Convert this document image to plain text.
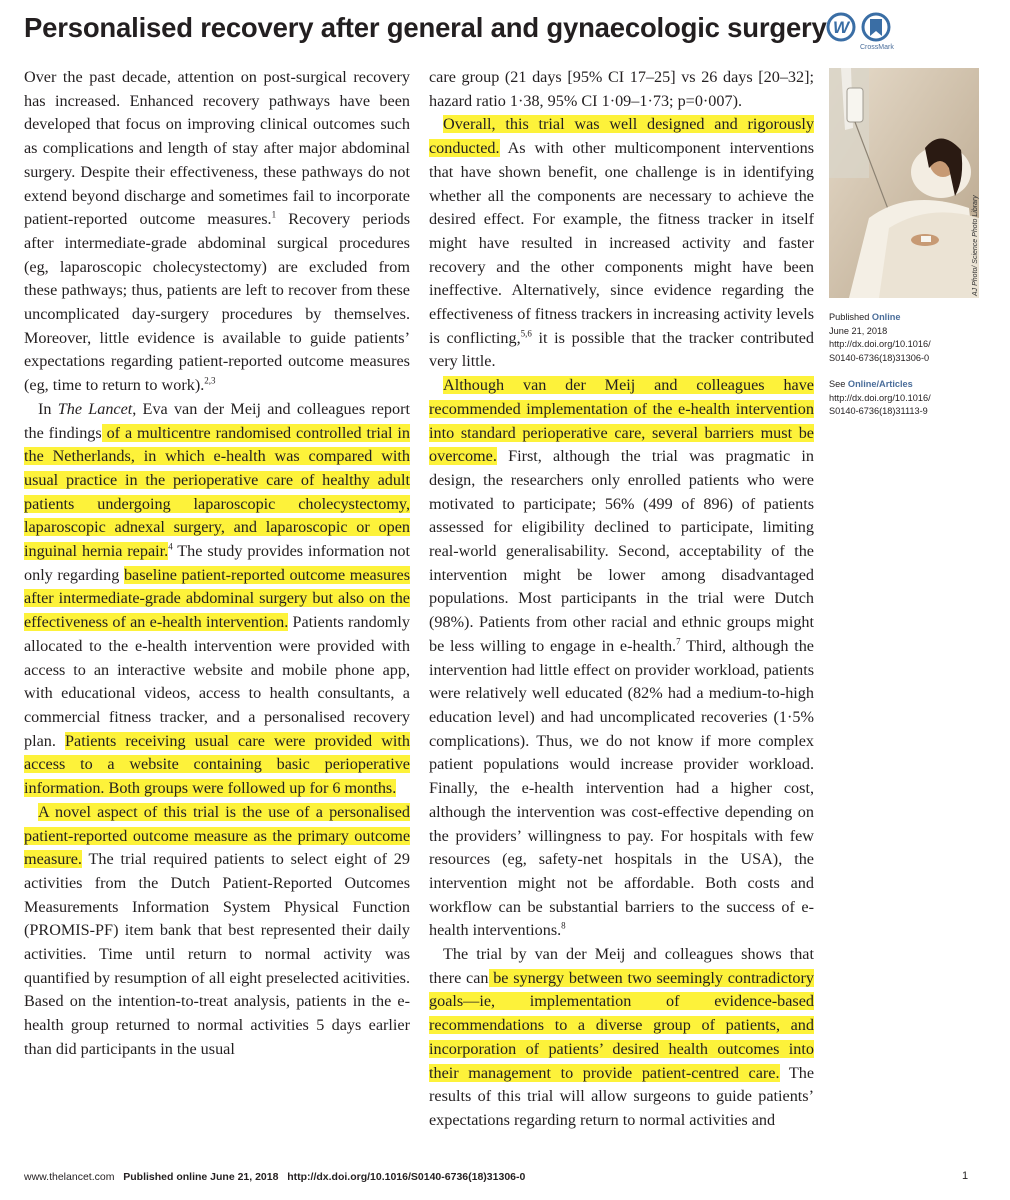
Personalised recovery after general and gynaecologic surgery W
CrossMark

Over the past decade, attention on post-surgical recovery has increased. Enhanced recovery pathways have been developed that focus on improving clinical outcomes such as complications and length of stay after major abdominal surgery. Despite their effectiveness, these pathways do not extend beyond discharge and sometimes fail to incorporate patient-reported outcome measures.$^1$ Recovery periods after intermediate-grade abdominal surgical procedures (eg, laparoscopic cholecystectomy) are excluded from these pathways; thus, patients are left to recover from these uncomplicated day-surgery procedures by themselves. Moreover, little evidence is available to guide patients’ expectations regarding patient-reported outcome measures (eg, time to return to work).$^{2,3}$

In The Lancet, Eva van der Meij and colleagues report the findings of a multicentre randomised controlled trial in the Netherlands, in which e-health was compared with usual practice in the perioperative care of healthy adult patients undergoing laparoscopic cholecystectomy, laparoscopic adnexal surgery, and laparoscopic or open inguinal hernia repair.$^4$ The study provides information not only regarding baseline patient-reported outcome measures after intermediate-grade abdominal surgery but also on the effectiveness of an e-health intervention. Patients randomly allocated to the e-health intervention were provided with access to an interactive website and mobile phone app, with educational videos, access to health consultants, a commercial fitness tracker, and a personalised recovery plan. Patients receiving usual care were provided with access to a website containing basic perioperative information. Both groups were followed up for 6 months.

A novel aspect of this trial is the use of a personalised patient-reported outcome measure as the primary outcome measure. The trial required patients to select eight of 29 activities from the Dutch Patient-Reported Outcomes Measurements Information System Physical Function (PROMIS-PF) item bank that best represented their daily activities. Time until return to normal activity was quantified by resumption of all eight preselected acitivities. Based on the intention-to-treat analysis, patients in the e-health group returned to normal activities 5 days earlier than did participants in the usual

care group (21 days [95% CI 17–25] vs 26 days [20–32]; hazard ratio 1·38, 95% CI 1·09–1·73; p=0·007).

Overall, this trial was well designed and rigorously conducted. As with other multicomponent interventions that have shown benefit, one challenge is in identifying whether all the components are necessary to achieve the desired effect. For example, the fitness tracker in itself might have resulted in increased activity and faster recovery and the other components might have been ineffective. Alternatively, since evidence regarding the effectiveness of fitness trackers in increasing activity levels is conflicting,$^{5,6}$ it is possible that the tracker contributed very little.

Although van der Meij and colleagues have recommended implementation of the e-health intervention into standard perioperative care, several barriers must be overcome. First, although the trial was pragmatic in design, the researchers only enrolled patients who were motivated to participate; 56% (499 of 896) of patients assessed for eligibility declined to participate, limiting real-world generalisability. Second, acceptability of the intervention might be lower among disadvantaged populations. Most participants in the trial were Dutch (98%). Patients from other racial and ethnic groups might be less willing to engage in e-health.$^7$ Third, although the intervention had little effect on provider workload, patients were relatively well educated (82% had a medium-to-high education level) and had uncomplicated recoveries (1·5% complications). Thus, we do not know if more complex patient populations would increase provider workload. Finally, the e-health intervention had a higher cost, although the intervention was cost-effective depending on the providers’ willingness to pay. For hospitals with few resources (eg, safety-net hospitals in the USA), the intervention might not be affordable. Both costs and workflow can be substantial barriers to the success of e-health interventions.$^8$

The trial by van der Meij and colleagues shows that there can be synergy between two seemingly contradictory goals—ie, implementation of evidence-based recommendations to a diverse group of patients, and incorporation of patients’ desired health outcomes into their management to provide patient-centred care. The results of this trial will allow surgeons to guide patients’ expectations regarding return to normal activities and

AJ Photo/ Science Photo Library
Published Online
June 21, 2018
http://dx.doi.org/10.1016/
S0140-6736(18)31306-0
See Online/Articles
http://dx.doi.org/10.1016/
S0140-6736(18)31113-9
www.thelancet.com Published online June 21, 2018 http://dx.doi.org/10.1016/S0140-6736(18)31306-0	1
